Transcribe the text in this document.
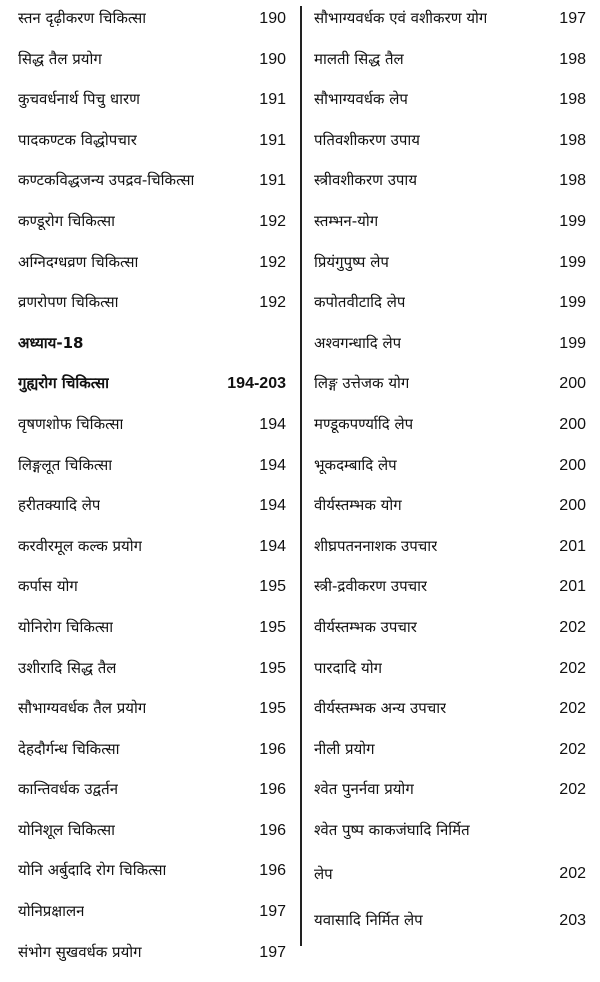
स्तन दृढ़ीकरण चिकित्सा	190
सिद्ध तैल प्रयोग	190
कुचवर्धनार्थ पिचु धारण	191
पादकण्टक विद्धोपचार	191
कण्टकविद्धजन्य उपद्रव-चिकित्सा	191
कण्डूरोग चिकित्सा	192
अग्निदग्धव्रण चिकित्सा	192
व्रणरोपण चिकित्सा	192
अध्याय-18
गुह्यरोग चिकित्सा	194-203
वृषणशोफ चिकित्सा	194
लिङ्गलूत चिकित्सा	194
हरीतक्यादि लेप	194
करवीरमूल कल्क प्रयोग	194
कर्पास योग	195
योनिरोग चिकित्सा	195
उशीरादि सिद्ध तैल	195
सौभाग्यवर्धक तैल प्रयोग	195
देहदौर्गन्ध चिकित्सा	196
कान्तिवर्धक उद्वर्तन	196
योनिशूल चिकित्सा	196
योनि अर्बुदादि रोग चिकित्सा	196
योनिप्रक्षालन	197
संभोग सुखवर्धक प्रयोग	197
सौभाग्यवर्धक एवं वशीकरण योग	197
मालती सिद्ध तैल	198
सौभाग्यवर्धक लेप	198
पतिवशीकरण उपाय	198
स्त्रीवशीकरण उपाय	198
स्तम्भन-योग	199
प्रियंगुपुष्प लेप	199
कपोतवीटादि लेप	199
अश्वगन्धादि लेप	199
लिङ्ग उत्तेजक योग	200
मण्डूकपर्ण्यादि लेप	200
भूकदम्बादि लेप	200
वीर्यस्तम्भक योग	200
शीघ्रपतननाशक उपचार	201
स्त्री-द्रवीकरण उपचार	201
वीर्यस्तम्भक उपचार	202
पारदादि योग	202
वीर्यस्तम्भक अन्य उपचार	202
नीली प्रयोग	202
श्वेत पुनर्नवा प्रयोग	202
श्वेत पुष्प काकजंघादि निर्मित
लेप	202
यवासादि निर्मित लेप	203
